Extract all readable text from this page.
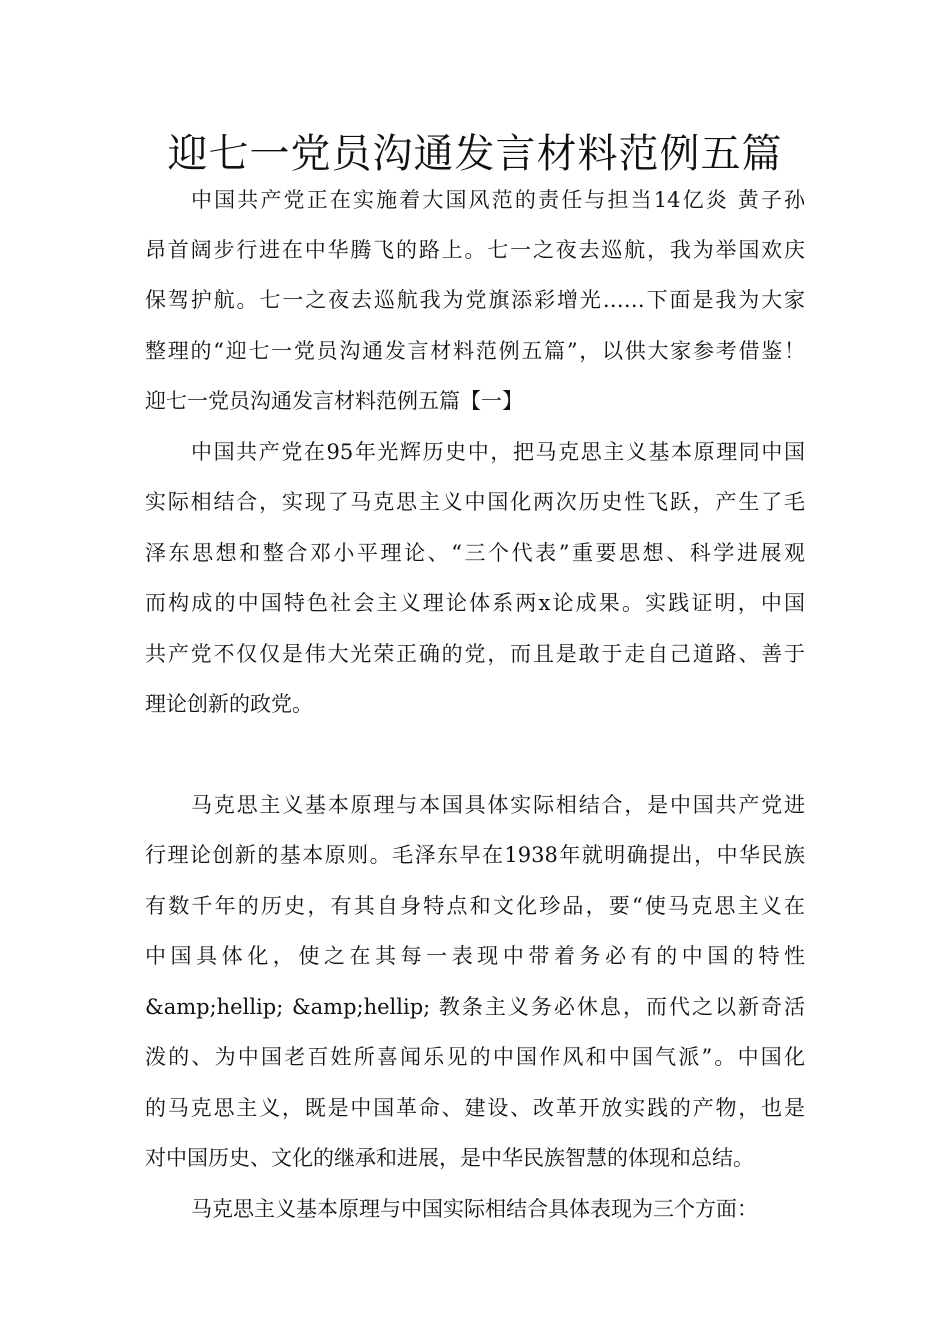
迎七一党员沟通发言材料范例五篇
中国共产党正在实施着大国风范的责任与担当14亿炎 黄子孙
昂首阔步行进在中华腾飞的路上。七一之夜去巡航，我为举国欢庆
保驾护航。七一之夜去巡航我为党旗添彩增光……下面是我为大家
整理的“迎七一党员沟通发言材料范例五篇”，以供大家参考借鉴！
迎七一党员沟通发言材料范例五篇【一】
中国共产党在95年光辉历史中，把马克思主义基本原理同中国
实际相结合，实现了马克思主义中国化两次历史性飞跃，产生了毛
泽东思想和整合邓小平理论、“三个代表”重要思想、科学进展观
而构成的中国特色社会主义理论体系两x论成果。实践证明，中国
共产党不仅仅是伟大光荣正确的党，而且是敢于走自己道路、善于
理论创新的政党。
马克思主义基本原理与本国具体实际相结合，是中国共产党进
行理论创新的基本原则。毛泽东早在1938年就明确提出，中华民族
有数千年的历史，有其自身特点和文化珍品，要“使马克思主义在
中国具体化，使之在其每一表现中带着务必有的中国的特性
&amp;hellip; &amp;hellip; 教条主义务必休息，而代之以新奇活
泼的、为中国老百姓所喜闻乐见的中国作风和中国气派”。中国化
的马克思主义，既是中国革命、建设、改革开放实践的产物，也是
对中国历史、文化的继承和进展，是中华民族智慧的体现和总结。
马克思主义基本原理与中国实际相结合具体表现为三个方面：
